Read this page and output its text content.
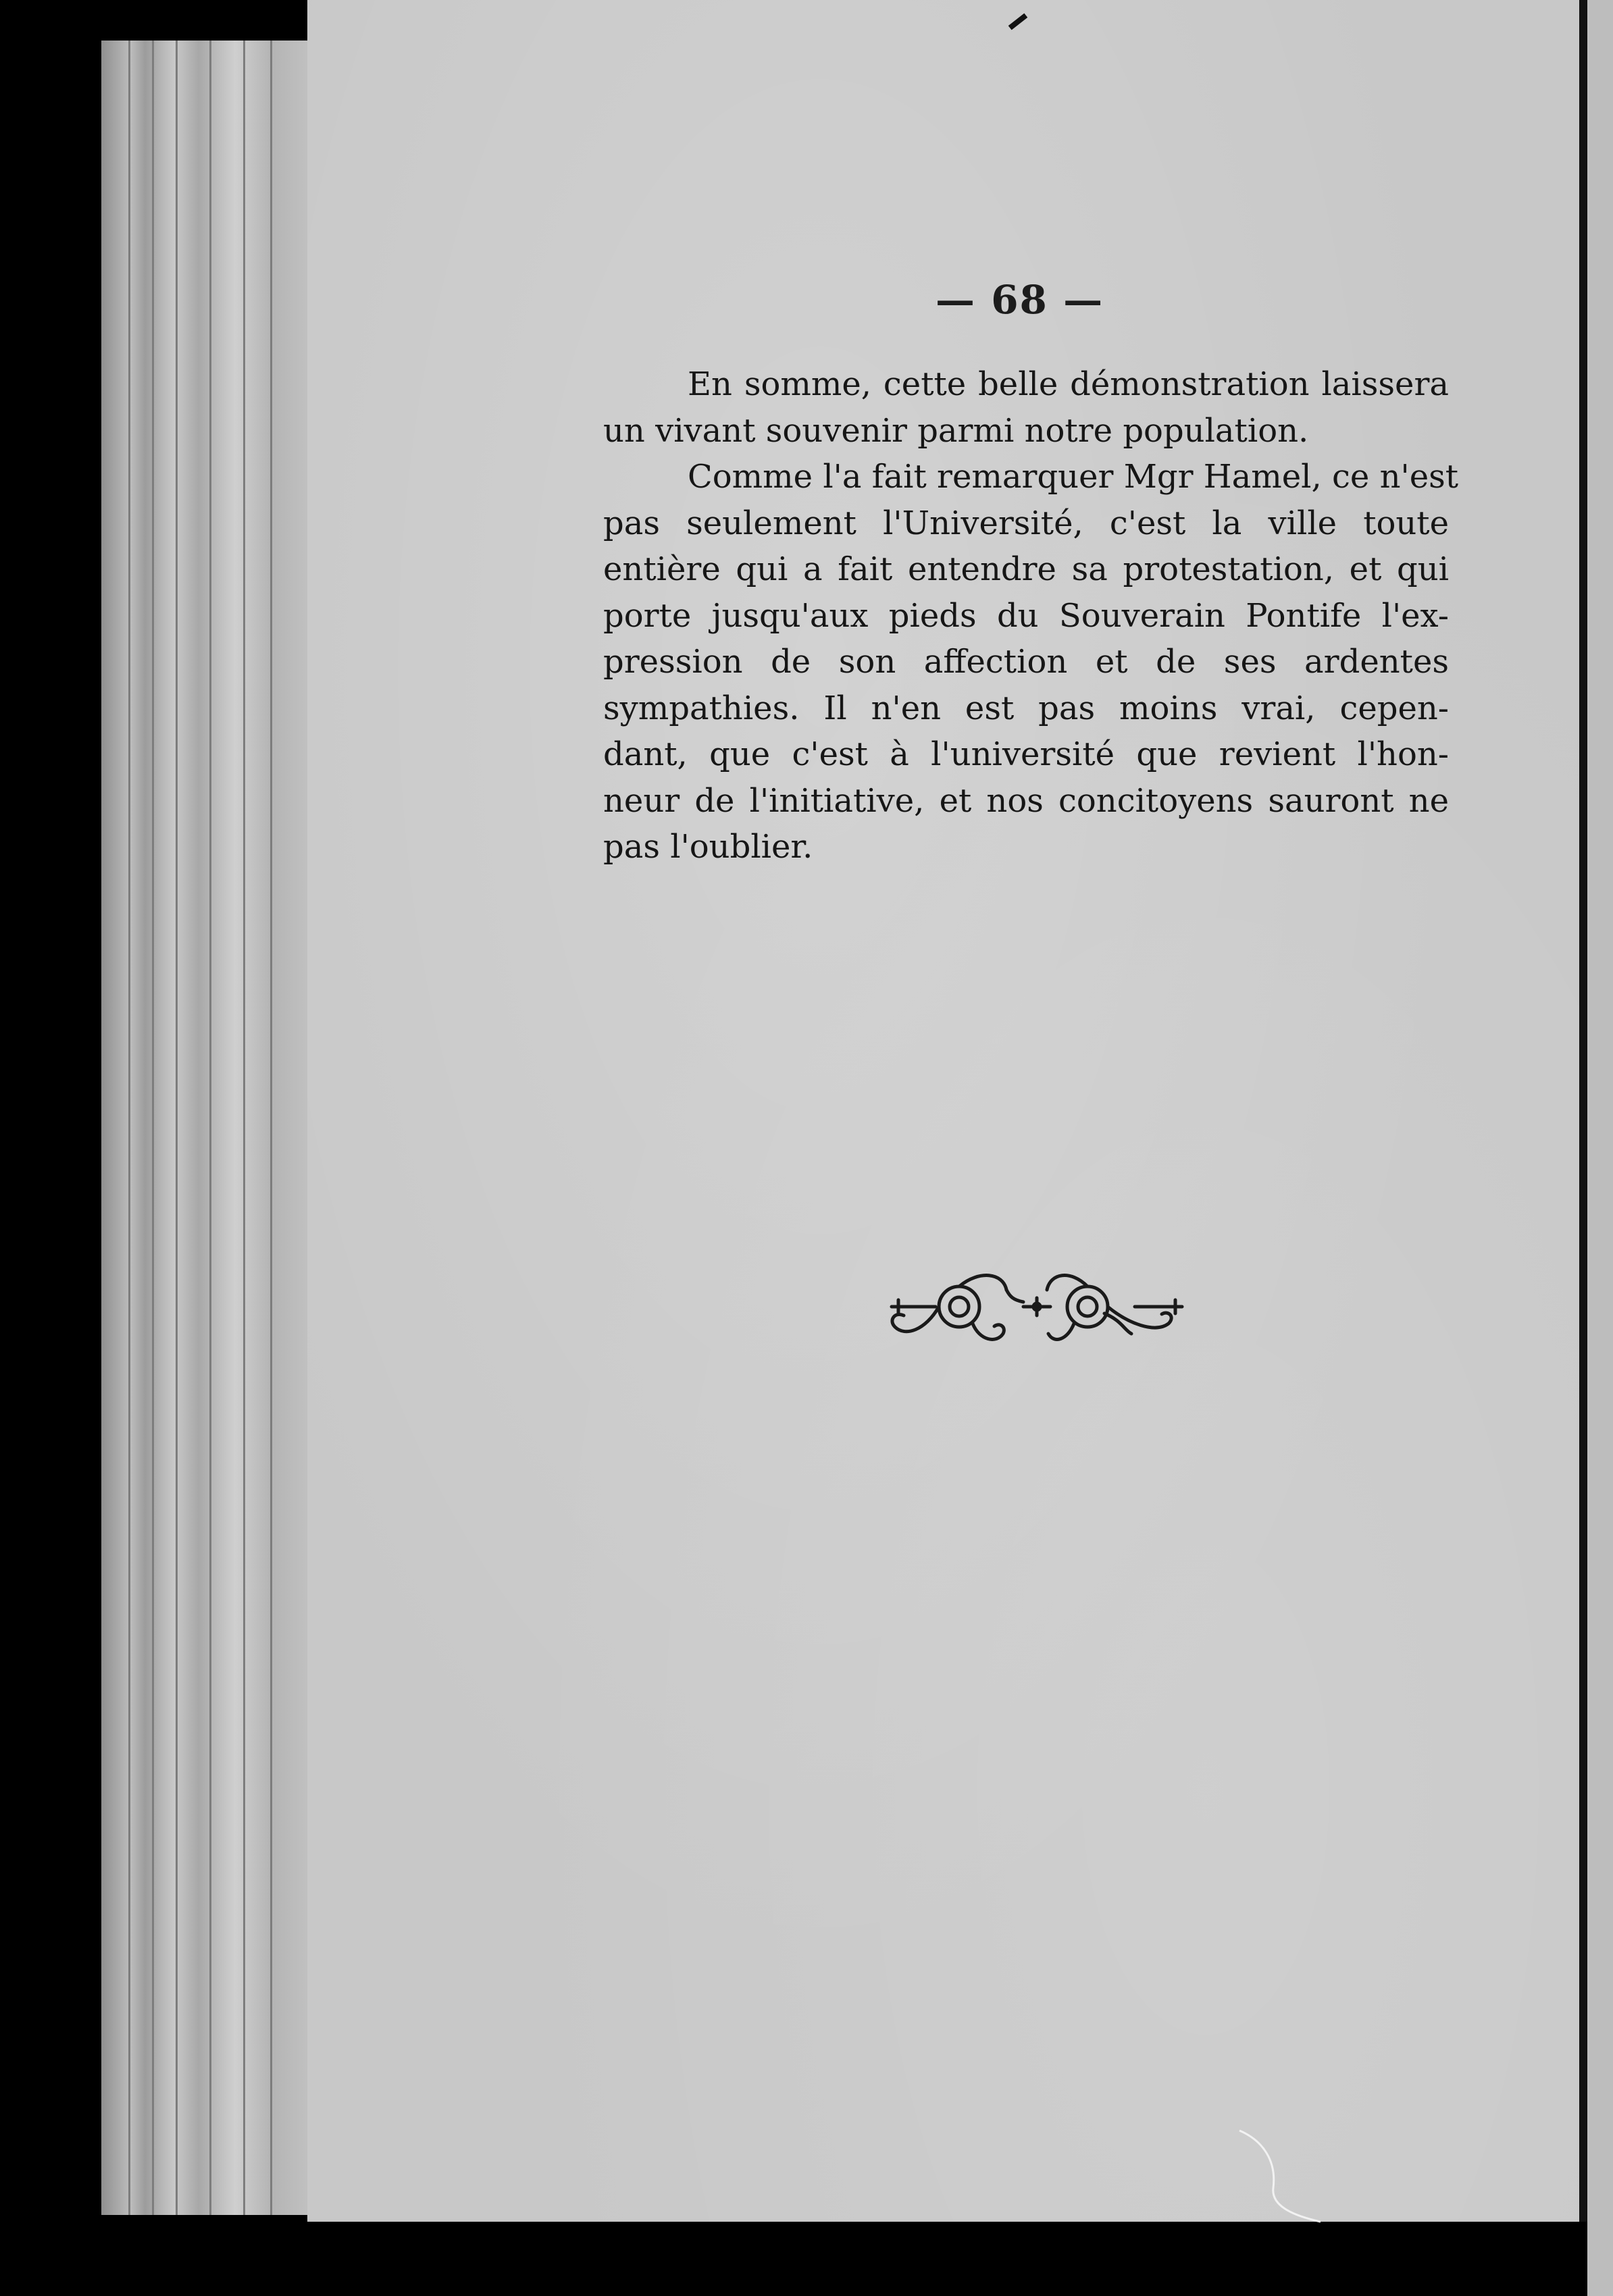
— 68 —
En somme, cette belle démonstration laissera
un vivant souvenir parmi notre population.
Comme l'a fait remarquer Mgr Hamel, ce n'est
pas seulement l'Université, c'est la ville toute
entière qui a fait entendre sa protestation, et qui
porte jusqu'aux pieds du Souverain Pontife l'ex-
pression de son affection et de ses ardentes
sympathies. Il n'en est pas moins vrai, cepen-
dant, que c'est à l'université que revient l'hon-
neur de l'initiative, et nos concitoyens sauront ne
pas l'oublier.
